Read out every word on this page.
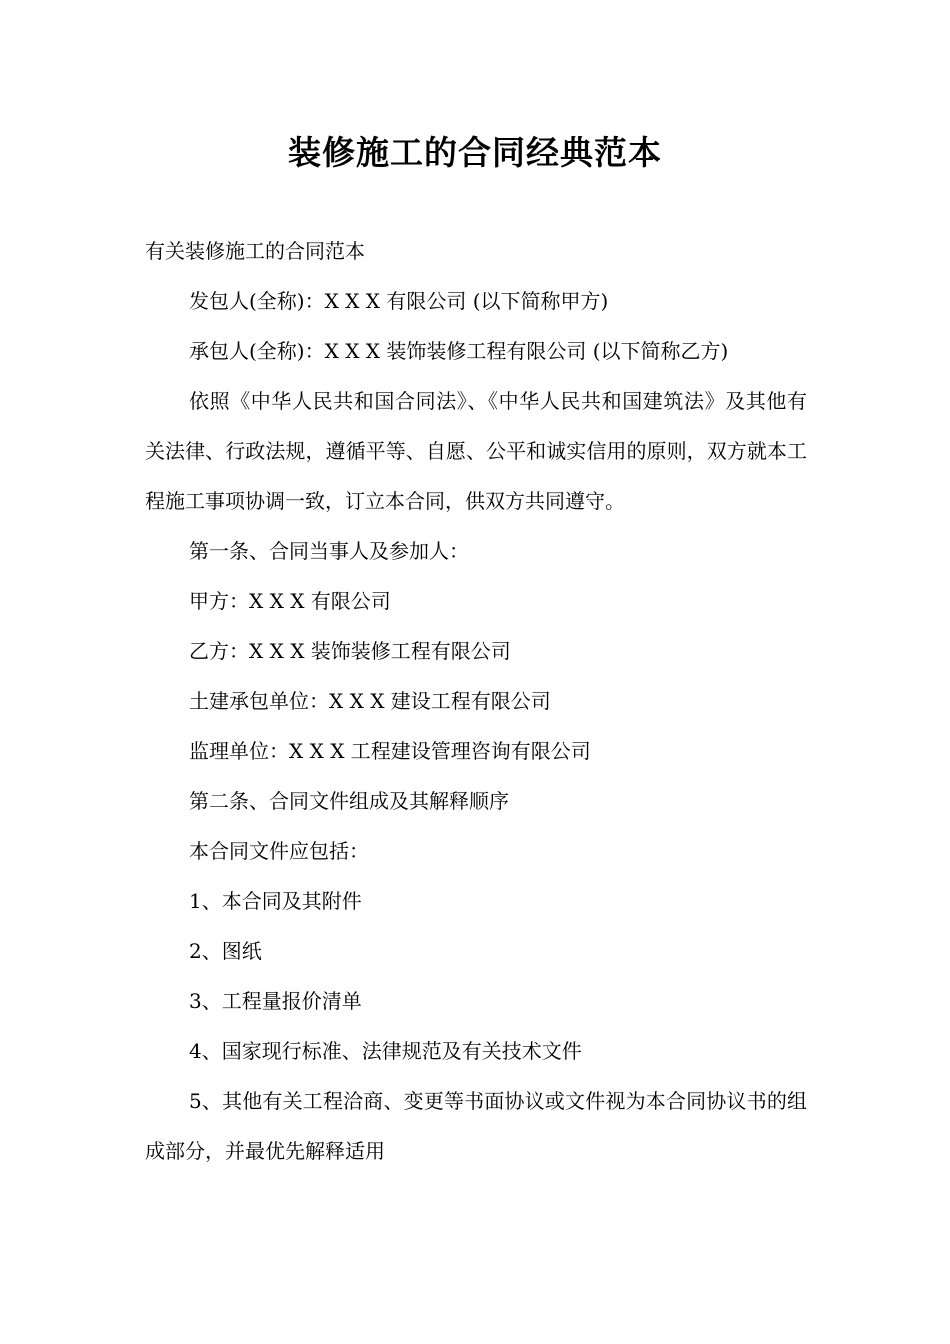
装修施工的合同经典范本

有关装修施工的合同范本

发包人(全称)：X X X 有限公司 (以下简称甲方)

承包人(全称)：X X X 装饰装修工程有限公司 (以下简称乙方)

依照《中华人民共和国合同法》、《中华人民共和国建筑法》及其他有关法律、行政法规，遵循平等、自愿、公平和诚实信用的原则，双方就本工程施工事项协调一致，订立本合同，供双方共同遵守。

第一条、合同当事人及参加人：

甲方：X X X 有限公司

乙方：X X X 装饰装修工程有限公司

土建承包单位：X X X 建设工程有限公司

监理单位：X X X 工程建设管理咨询有限公司

第二条、合同文件组成及其解释顺序

本合同文件应包括：

1、本合同及其附件

2、图纸

3、工程量报价清单

4、国家现行标准、法律规范及有关技术文件

5、其他有关工程洽商、变更等书面协议或文件视为本合同协议书的组成部分，并最优先解释适用
